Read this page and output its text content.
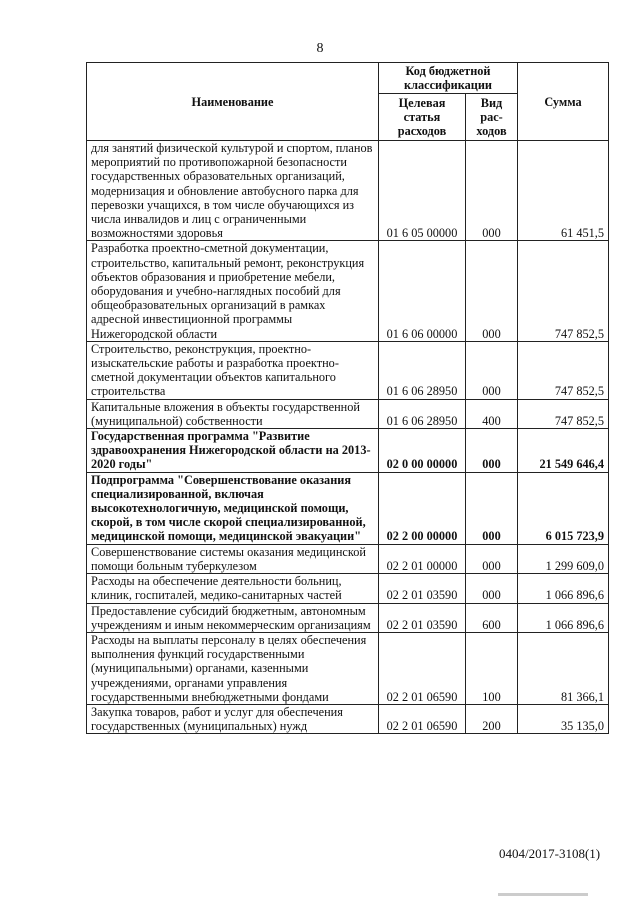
8
Наименование	Код бюджетной классификации		Сумма
	Целевая статья расходов	Вид рас-ходов	
для занятий физической культурой и спортом, планов мероприятий по противопожарной безопасности государственных образовательных организаций, модернизация и обновление автобусного парка для перевозки учащихся, в том числе обучающихся из числа инвалидов и лиц с ограниченными возможностями здоровья	01 6 05 00000	000	61 451,5
Разработка проектно-сметной документации, строительство, капитальный ремонт, реконструкция объектов образования и приобретение мебели, оборудования и учебно-наглядных пособий для общеобразовательных организаций в рамках адресной инвестиционной программы Нижегородской области	01 6 06 00000	000	747 852,5
Строительство, реконструкция, проектно-изыскательские работы и разработка проектно-сметной документации объектов капитального строительства	01 6 06 28950	000	747 852,5
Капитальные вложения в объекты государственной (муниципальной) собственности	01 6 06 28950	400	747 852,5
Государственная программа "Развитие здравоохранения Нижегородской области на 2013-2020 годы"	02 0 00 00000	000	21 549 646,4
Подпрограмма "Совершенствование оказания специализированной, включая высокотехнологичную, медицинской помощи, скорой, в том числе скорой специализированной, медицинской помощи, медицинской эвакуации"	02 2 00 00000	000	6 015 723,9
Совершенствование системы оказания медицинской помощи больным туберкулезом	02 2 01 00000	000	1 299 609,0
Расходы на обеспечение деятельности больниц, клиник, госпиталей, медико-санитарных частей	02 2 01 03590	000	1 066 896,6
Предоставление субсидий бюджетным, автономным учреждениям и иным некоммерческим организациям	02 2 01 03590	600	1 066 896,6
Расходы на выплаты персоналу в целях обеспечения выполнения функций государственными (муниципальными) органами, казенными учреждениями, органами управления государственными внебюджетными фондами	02 2 01 06590	100	81 366,1
Закупка товаров, работ и услуг для обеспечения государственных (муниципальных) нужд	02 2 01 06590	200	35 135,0
0404/2017-3108(1)
